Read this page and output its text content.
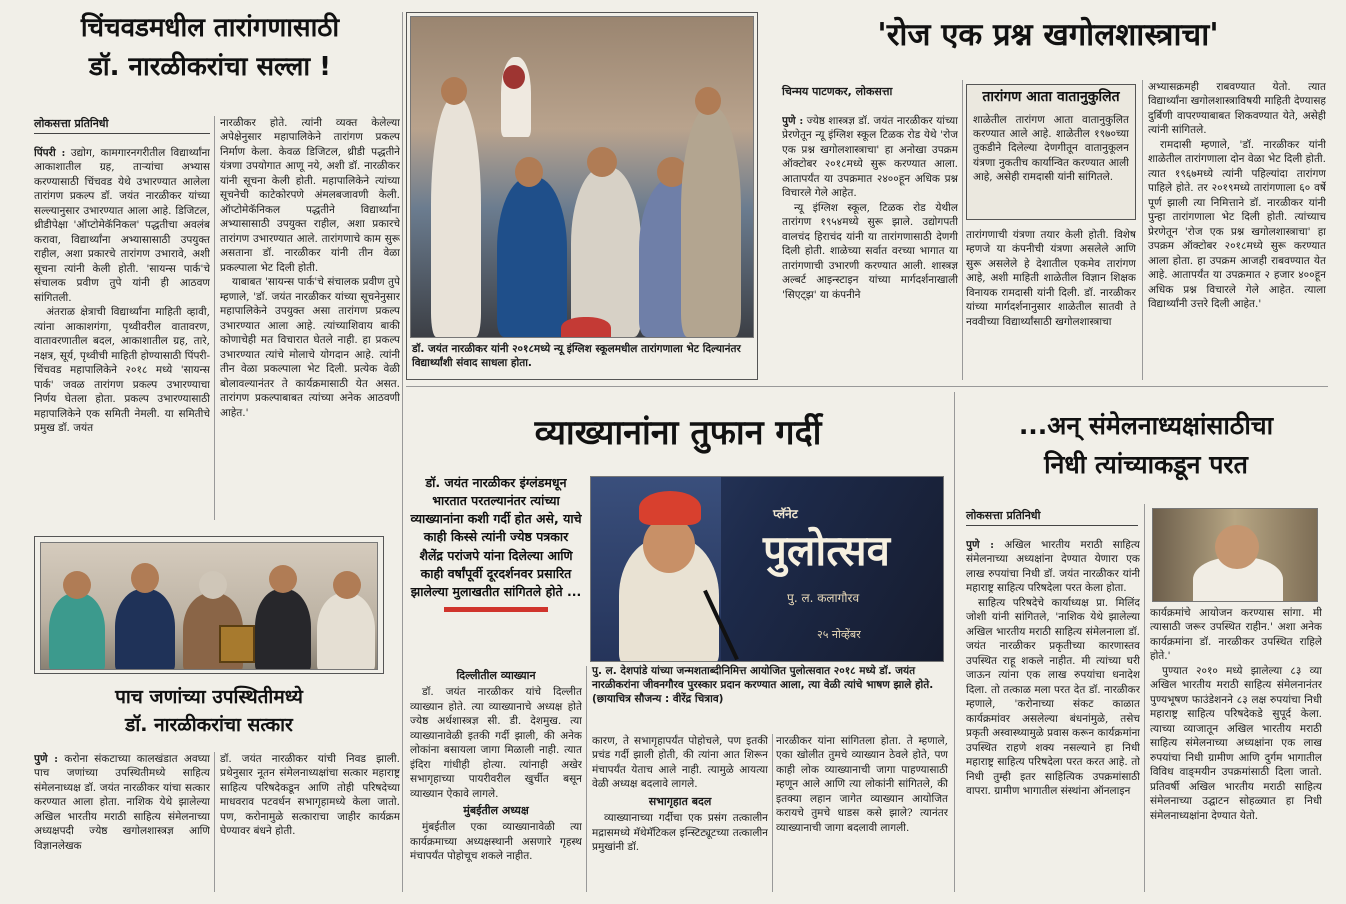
चिंचवडमधील तारांगणासाठी
डॉ. नारळीकरांचा सल्ला !
लोकसत्ता प्रतिनिधी

पिंपरी : उद्योग, कामगारनगरीतील विद्यार्थ्यांना आकाशातील ग्रह, ताऱ्यांचा अभ्यास करण्यासाठी चिंचवड येथे उभारण्यात आलेला तारांगण प्रकल्प डॉ. जयंत नारळीकर यांच्या सल्ल्यानुसार उभारण्यात आला आहे. डिजिटल, थ्रीडीपेक्षा 'ऑप्टोमेकॅनिकल' पद्धतीचा अवलंब करावा, विद्यार्थ्यांना अभ्यासासाठी उपयुक्त राहील, अशा प्रकारचे तारांगण उभारावे, अशी सूचना त्यांनी केली होती. 'सायन्स पार्क'चे संचालक प्रवीण तुपे यांनी ही आठवण सांगितली.

अंतराळ क्षेत्राची विद्यार्थ्यांना माहिती व्हावी, त्यांना आकाशगंगा, पृथ्वीवरील वातावरण, वातावरणातील बदल, आकाशातील ग्रह, तारे, नक्षत्र, सूर्य, पृथ्वीची माहिती होण्यासाठी पिंपरी-चिंचवड महापालिकेने २०१८ मध्ये 'सायन्स पार्क' जवळ तारांगण प्रकल्प उभारण्याचा निर्णय घेतला होता. प्रकल्प उभारण्यासाठी महापालिकेने एक समिती नेमली. या समितीचे प्रमुख डॉ. जयंत

नारळीकर होते. त्यांनी व्यक्त केलेल्या अपेक्षेनुसार महापालिकेने तारांगण प्रकल्प निर्माण केला. केवळ डिजिटल, थ्रीडी पद्धतीने यंत्रणा उपयोगात आणू नये, अशी डॉ. नारळीकर यांनी सूचना केली होती. महापालिकेने त्यांच्या सूचनेची काटेकोरपणे अंमलबजावणी केली. ऑप्टोमेकॅनिकल पद्धतीने विद्यार्थ्यांना अभ्यासासाठी उपयुक्त राहील, अशा प्रकारचे तारांगण उभारण्यात आले. तारांगणाचे काम सुरू असताना डॉ. नारळीकर यांनी तीन वेळा प्रकल्पाला भेट दिली होती.

याबाबत 'सायन्स पार्क'चे संचालक प्रवीण तुपे म्हणाले, 'डॉ. जयंत नारळीकर यांच्या सूचनेनुसार महापालिकेने उपयुक्त असा तारांगण प्रकल्प उभारण्यात आला आहे. त्यांच्याशिवाय बाकी कोणाचेही मत विचारात घेतले नाही. हा प्रकल्प उभारण्यात त्यांचे मोलाचे योगदान आहे. त्यांनी तीन वेळा प्रकल्पाला भेट दिली. प्रत्येक वेळी बोलावल्यानंतर ते कार्यक्रमासाठी येत असत. तारांगण प्रकल्पाबाबत त्यांच्या अनेक आठवणी आहेत.'

डॉ. जयंत नारळीकर यांनी २०१८मध्ये न्यू इंग्लिश स्कूलमधील तारांगणाला भेट दिल्यानंतर विद्यार्थ्यांशी संवाद साधला होता.
'रोज एक प्रश्न खगोलशास्त्राचा'
चिन्मय पाटणकर, लोकसत्ता

पुणे : ज्येष्ठ शास्त्रज्ञ डॉ. जयंत नारळीकर यांच्या प्रेरणेतून न्यू इंग्लिश स्कूल टिळक रोड येथे 'रोज एक प्रश्न खगोलशास्त्राचा' हा अनोखा उपक्रम ऑक्टोबर २०१८मध्ये सुरू करण्यात आला. आतापर्यंत या उपक्रमात २४००हून अधिक प्रश्न विचारले गेले आहेत.

न्यू इंग्लिश स्कूल, टिळक रोड येथील तारांगण १९५४मध्ये सुरू झाले. उद्योगपती वालचंद हिराचंद यांनी या तारांगणासाठी देणगी दिली होती. शाळेच्या सर्वात वरच्या भागात या तारांगणाची उभारणी करण्यात आली. शास्त्रज्ञ अल्बर्ट आइन्स्टाइन यांच्या मार्गदर्शनाखाली 'सिएट्झ' या कंपनीने

तारांगण आता वातानुकुलित
शाळेतील तारांगण आता वातानुकुलित करण्यात आले आहे. शाळेतील १९७०च्या तुकडीने दिलेल्या देणगीतून वातानुकूलन यंत्रणा नुकतीच कार्यान्वित करण्यात आली आहे, असेही रामदासी यांनी सांगितले.

तारांगणाची यंत्रणा तयार केली होती. विशेष म्हणजे या कंपनीची यंत्रणा असलेले आणि सुरू असलेले हे देशातील एकमेव तारांगण आहे, अशी माहिती शाळेतील विज्ञान शिक्षक विनायक रामदासी यांनी दिली. डॉ. नारळीकर यांच्या मार्गदर्शनानुसार शाळेतील सातवी ते नववीच्या विद्यार्थ्यांसाठी खगोलशास्त्राचा

अभ्यासक्रमही राबवण्यात येतो. त्यात विद्यार्थ्यांना खगोलशास्त्राविषयी माहिती देण्यासह दुर्बिणी वापरण्याबाबत शिकवण्यात येते, असेही त्यांनी सांगितले.

रामदासी म्हणाले, 'डॉ. नारळीकर यांनी शाळेतील तारांगणाला दोन वेळा भेट दिली होती. त्यात १९६७मध्ये त्यांनी पहिल्यांदा तारांगण पाहिले होते. तर २०१९मध्ये तारांगणाला ६० वर्षे पूर्ण झाली त्या निमित्ताने डॉ. नारळीकर यांनी पुन्हा तारांगणाला भेट दिली होती. त्यांच्याच प्रेरणेतून 'रोज एक प्रश्न खगोलशास्त्राचा' हा उपक्रम ऑक्टोबर २०१८मध्ये सुरू करण्यात आला होता. हा उपक्रम आजही राबवण्यात येत आहे. आतापर्यंत या उपक्रमात २ हजार ४००हून अधिक प्रश्न विचारले गेले आहेत. त्याला विद्यार्थ्यांनी उत्तरे दिली आहेत.'

व्याख्यानांना तुफान गर्दी
डॉ. जयंत नारळीकर इंग्लंडमधून भारतात परतल्यानंतर त्यांच्या व्याख्यानांना कशी गर्दी होत असे, याचे काही किस्से त्यांनी ज्येष्ठ पत्रकार शैलेंद्र परांजपे यांना दिलेल्या आणि काही वर्षांपूर्वी दूरदर्शनवर प्रसारित झालेल्या मुलाखतीत सांगितले होते ...
प्लॅनेट
पुलोत्सव
पु. ल. कलागौरव
२५ नोव्हेंबर
पु. ल. देशपांडे यांच्या जन्मशताब्दीनिमित्त आयोजित पुलोत्सवात २०१८ मध्ये डॉ. जयंत नारळीकरांना जीवनगौरव पुरस्कार प्रदान करण्यात आला, त्या वेळी त्यांचे भाषण झाले होते. (छायाचित्र सौजन्य : वीरेंद्र चित्राव)
दिल्लीतील व्याख्यान

डॉ. जयंत नारळीकर यांचे दिल्लीत व्याख्यान होते. त्या व्याख्यानाचे अध्यक्ष होते ज्येष्ठ अर्थशास्त्रज्ञ सी. डी. देशमुख. त्या व्याख्यानावेळी इतकी गर्दी झाली, की अनेक लोकांना बसायला जागा मिळाली नाही. त्यात इंदिरा गांधीही होत्या. त्यांनाही अखेर सभागृहाच्या पायरीवरील खुर्चीत बसून व्याख्यान ऐकावे लागले.

मुंबईतील अध्यक्ष

मुंबईतील एका व्याख्यानावेळी त्या कार्यक्रमाच्या अध्यक्षस्थानी असणारे गृहस्थ मंचापर्यंत पोहोचूच शकले नाहीत.

कारण, ते सभागृहापर्यंत पोहोचले, पण इतकी प्रचंड गर्दी झाली होती, की त्यांना आत शिरून मंचापर्यंत येताच आले नाही. त्यामुळे आयत्या वेळी अध्यक्ष बदलावे लागले.

सभागृहात बदल

व्याख्यानाच्या गर्दीचा एक प्रसंग तत्कालीन मद्रासमध्ये मॅथेमॅटिकल इन्स्टिट्यूटच्या तत्कालीन प्रमुखांनी डॉ.

नारळीकर यांना सांगितला होता. ते म्हणाले, एका खोलीत तुमचे व्याख्यान ठेवले होते, पण काही लोक व्याख्यानाची जागा पाहण्यासाठी म्हणून आले आणि त्या लोकांनी सांगितले, की इतक्या लहान जागेत व्याख्यान आयोजित करायचे तुमचे धाडस कसे झाले? त्यानंतर व्याख्यानाची जागा बदलावी लागली.

...अन् संमेलनाध्यक्षांसाठीचा
निधी त्यांच्याकडून परत
लोकसत्ता प्रतिनिधी

पुणे : अखिल भारतीय मराठी साहित्य संमेलनाच्या अध्यक्षांना देण्यात येणारा एक लाख रुपयांचा निधी डॉ. जयंत नारळीकर यांनी महाराष्ट्र साहित्य परिषदेला परत केला होता.

साहित्य परिषदेचे कार्याध्यक्ष प्रा. मिलिंद जोशी यांनी सांगितले, 'नाशिक येथे झालेल्या अखिल भारतीय मराठी साहित्य संमेलनाला डॉ. जयंत नारळीकर प्रकृतीच्या कारणास्तव उपस्थित राहू शकले नाहीत. मी त्यांच्या घरी जाऊन त्यांना एक लाख रुपयांचा धनादेश दिला. तो तत्काळ मला परत देत डॉ. नारळीकर म्हणाले, 'करोनाच्या संकट काळात कार्यक्रमांवर असलेल्या बंधनांमुळे, तसेच प्रकृती अस्वास्थ्यामुळे प्रवास करून कार्यक्रमांना उपस्थित राहणे शक्य नसल्याने हा निधी महाराष्ट्र साहित्य परिषदेला परत करत आहे. तो निधी तुम्ही इतर साहित्यिक उपक्रमांसाठी वापरा. ग्रामीण भागातील संस्थांना ऑनलाइन

कार्यक्रमांचे आयोजन करण्यास सांगा. मी त्यासाठी जरूर उपस्थित राहीन.' अशा अनेक कार्यक्रमांना डॉ. नारळीकर उपस्थित राहिले होते.'

पुण्यात २०१० मध्ये झालेल्या ८३ व्या अखिल भारतीय मराठी साहित्य संमेलनानंतर पुण्यभूषण फाउंडेशनने ८३ लक्ष रुपयांचा निधी महाराष्ट्र साहित्य परिषदेकडे सुपूर्द केला. त्याच्या व्याजातून अखिल भारतीय मराठी साहित्य संमेलनाच्या अध्यक्षांना एक लाख रुपयांचा निधी ग्रामीण आणि दुर्गम भागातील विविध वाङ्‌मयीन उपक्रमांसाठी दिला जातो. प्रतिवर्षी अखिल भारतीय मराठी साहित्य संमेलनाच्या उद्घाटन सोहळ्यात हा निधी संमेलनाध्यक्षांना देण्यात येतो.

पाच जणांच्या उपस्थितीमध्ये
डॉ. नारळीकरांचा सत्कार

पुणे : करोना संकटाच्या कालखंडात अवघ्या पाच जणांच्या उपस्थितीमध्ये साहित्य संमेलनाध्यक्ष डॉ. जयंत नारळीकर यांचा सत्कार करण्यात आला होता. नाशिक येथे झालेल्या अखिल भारतीय मराठी साहित्य संमेलनाच्या अध्यक्षपदी ज्येष्ठ खगोलशास्त्रज्ञ आणि विज्ञानलेखक

डॉ. जयंत नारळीकर यांची निवड झाली. प्रथेनुसार नूतन संमेलनाध्यक्षांचा सत्कार महाराष्ट्र साहित्य परिषदेकडून आणि तोही परिषदेच्या माधवराव पटवर्धन सभागृहामध्ये केला जातो. पण, करोनामुळे सत्काराचा जाहीर कार्यक्रम घेण्यावर बंधने होती.
